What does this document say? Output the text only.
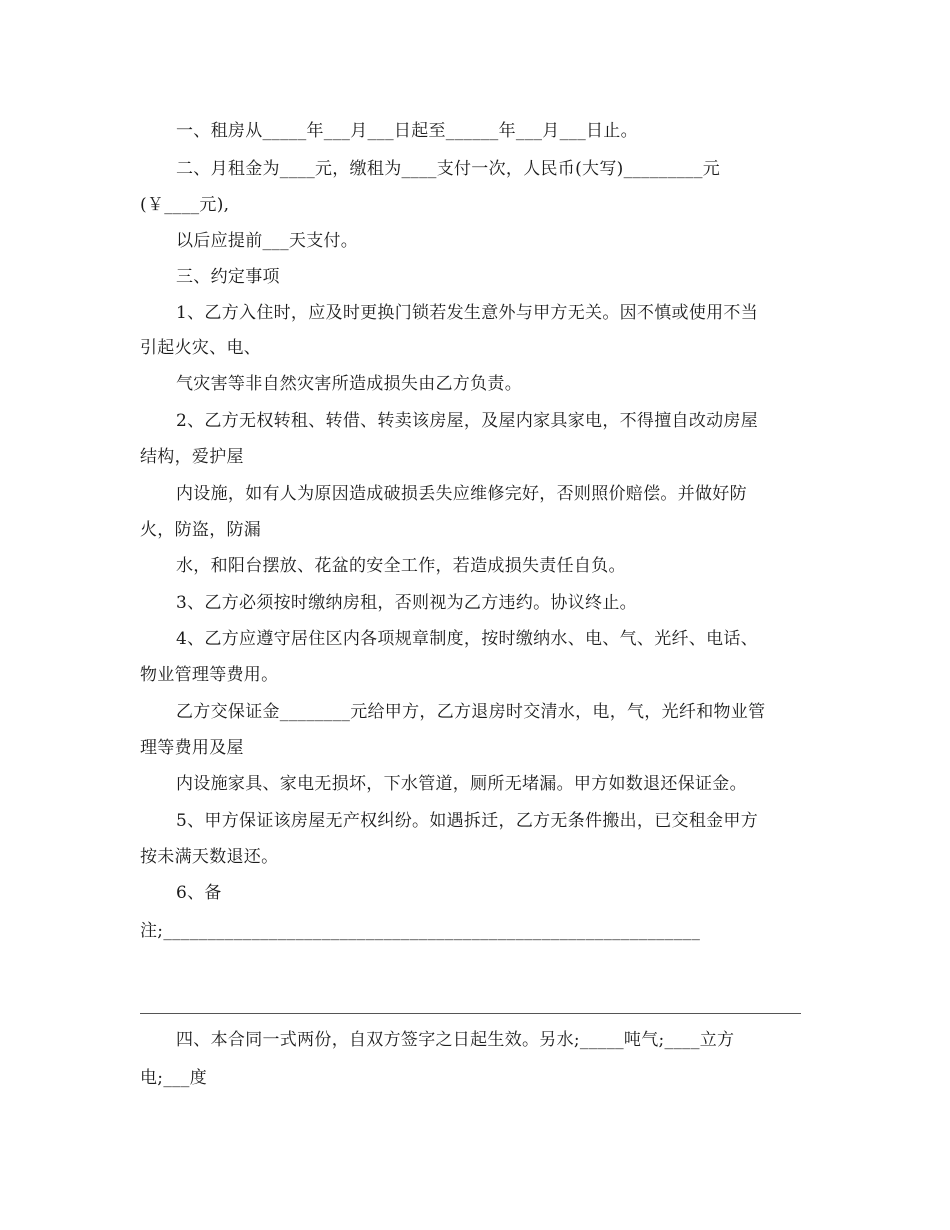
一、租房从_____年___月___日起至______年___月___日止。
二、月租金为____元，缴租为____支付一次，人民币(大写)_________元
(￥____元),
以后应提前___天支付。
三、约定事项
1、乙方入住时，应及时更换门锁若发生意外与甲方无关。因不慎或使用不当
引起火灾、电、
气灾害等非自然灾害所造成损失由乙方负责。
2、乙方无权转租、转借、转卖该房屋，及屋内家具家电，不得擅自改动房屋
结构，爱护屋
内设施，如有人为原因造成破损丢失应维修完好，否则照价赔偿。并做好防
火，防盗，防漏
水，和阳台摆放、花盆的安全工作，若造成损失责任自负。
3、乙方必须按时缴纳房租，否则视为乙方违约。协议终止。
4、乙方应遵守居住区内各项规章制度，按时缴纳水、电、气、光纤、电话、
物业管理等费用。
乙方交保证金________元给甲方，乙方退房时交清水，电，气，光纤和物业管
理等费用及屋
内设施家具、家电无损坏，下水管道，厕所无堵漏。甲方如数退还保证金。
5、甲方保证该房屋无产权纠纷。如遇拆迁，乙方无条件搬出，已交租金甲方
按未满天数退还。
6、备
注;_____________________________________________________________
四、本合同一式两份，自双方签字之日起生效。另水;_____吨气;____立方
电;___度
